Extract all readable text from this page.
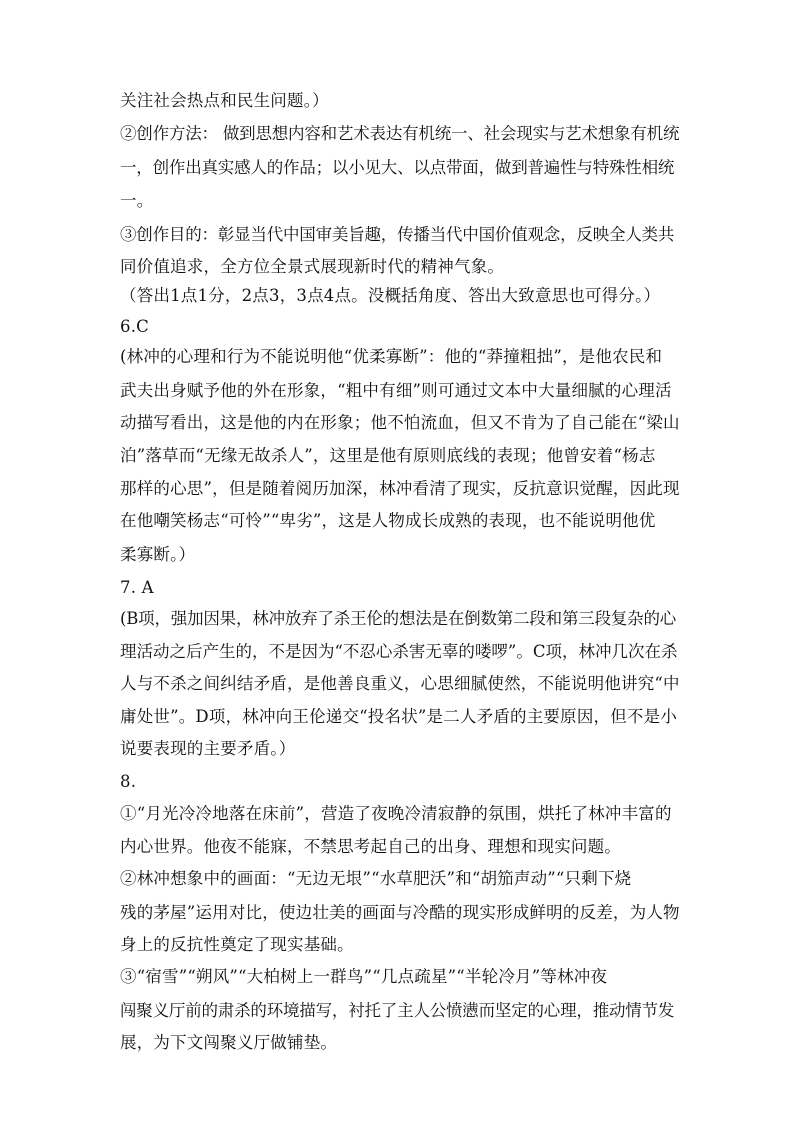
关注社会热点和民生问题。）
②创作方法： 做到思想内容和艺术表达有机统一、社会现实与艺术想象有机统
一，创作出真实感人的作品；以小见大、以点带面，做到普遍性与特殊性相统
一。
③创作目的：彰显当代中国审美旨趣，传播当代中国价值观念，反映全人类共
同价值追求，全方位全景式展现新时代的精神气象。
（答出1点1分，2点3，3点4点。没概括角度、答出大致意思也可得分。）
6.C
(林冲的心理和行为不能说明他“优柔寡断”：他的“莽撞粗拙”，是他农民和
武夫出身赋予他的外在形象，“粗中有细”则可通过文本中大量细腻的心理活
动描写看出，这是他的内在形象；他不怕流血，但又不肯为了自己能在“梁山
泊”落草而“无缘无故杀人”，这里是他有原则底线的表现；他曾安着“杨志
那样的心思”，但是随着阅历加深，林冲看清了现实，反抗意识觉醒，因此现
在他嘲笑杨志“可怜”“卑劣”，这是人物成长成熟的表现，也不能说明他优
柔寡断。）
7. A
(B项，强加因果，林冲放弃了杀王伦的想法是在倒数第二段和第三段复杂的心
理活动之后产生的，不是因为“不忍心杀害无辜的喽啰”。C项，林冲几次在杀
人与不杀之间纠结矛盾，是他善良重义，心思细腻使然，不能说明他讲究“中
庸处世”。D项，林冲向王伦递交“投名状”是二人矛盾的主要原因，但不是小
说要表现的主要矛盾。）
8.
①“月光冷冷地落在床前”，营造了夜晚冷清寂静的氛围，烘托了林冲丰富的
内心世界。他夜不能寐，不禁思考起自己的出身、理想和现实问题。
②林冲想象中的画面：“无边无垠”“水草肥沃”和“胡笳声动”“只剩下烧
残的茅屋”运用对比，使边壮美的画面与冷酷的现实形成鲜明的反差，为人物
身上的反抗性奠定了现实基础。
③“宿雪”“朔风”“大柏树上一群鸟”“几点疏星”“半轮冷月”等林冲夜
闯聚义厅前的肃杀的环境描写，衬托了主人公愤懑而坚定的心理，推动情节发
展，为下文闯聚义厅做铺垫。
